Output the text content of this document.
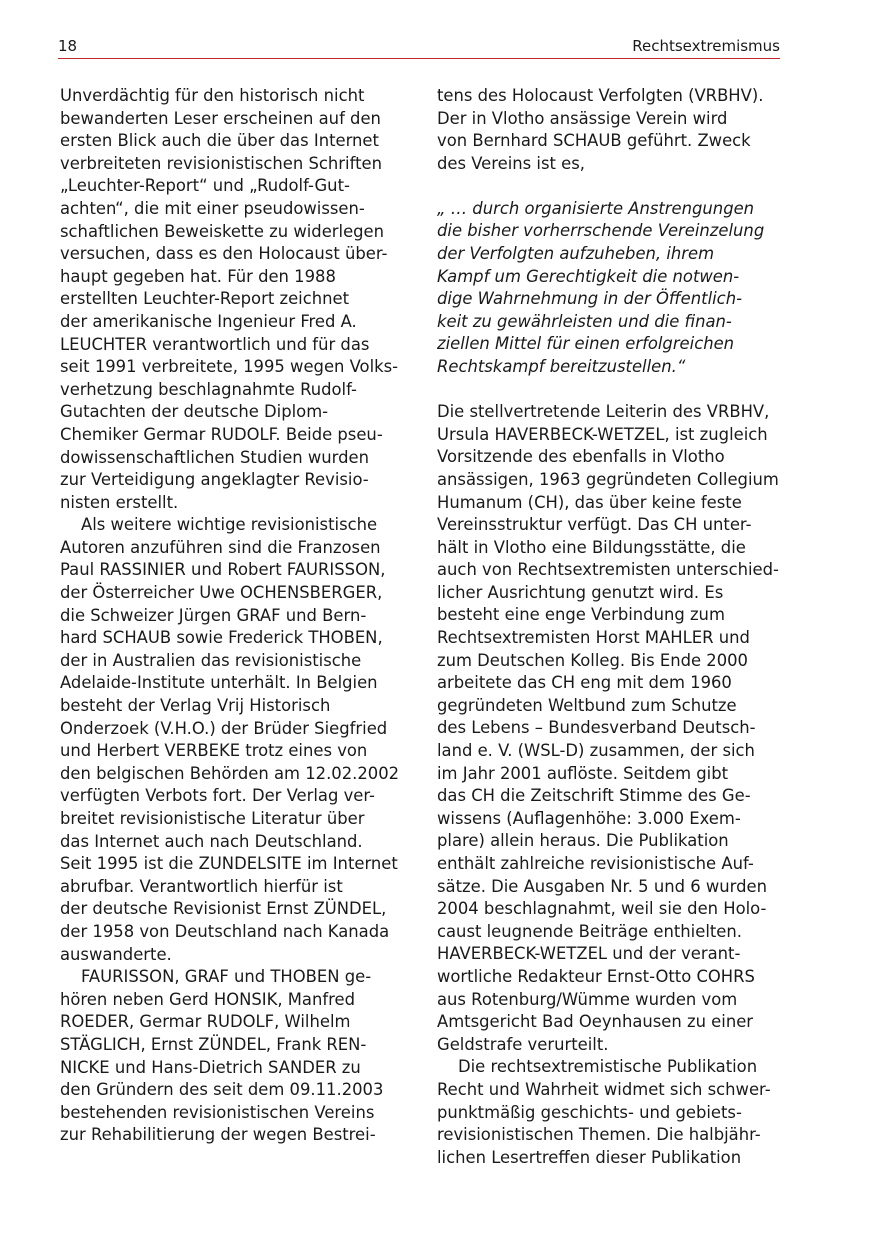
18	Rechtsextremismus
Unverdächtig für den historisch nicht
bewanderten Leser erscheinen auf den
ersten Blick auch die über das Internet
verbreiteten revisionistischen Schriften
„Leuchter-Report“ und „Rudolf-Gut-
achten“, die mit einer pseudowissen-
schaftlichen Beweiskette zu widerlegen
versuchen, dass es den Holocaust über-
haupt gegeben hat. Für den 1988
erstellten Leuchter-Report zeichnet
der amerikanische Ingenieur Fred A.
LEUCHTER verantwortlich und für das
seit 1991 verbreitete, 1995 wegen Volks-
verhetzung beschlagnahmte Rudolf-
Gutachten der deutsche Diplom-
Chemiker Germar RUDOLF. Beide pseu-
dowissenschaftlichen Studien wurden
zur Verteidigung angeklagter Revisio-
nisten erstellt.
Als weitere wichtige revisionistische
Autoren anzuführen sind die Franzosen
Paul RASSINIER und Robert FAURISSON,
der Österreicher Uwe OCHENSBERGER,
die Schweizer Jürgen GRAF und Bern-
hard SCHAUB sowie Frederick THOBEN,
der in Australien das revisionistische
Adelaide-Institute unterhält. In Belgien
besteht der Verlag Vrij Historisch
Onderzoek (V.H.O.) der Brüder Siegfried
und Herbert VERBEKE trotz eines von
den belgischen Behörden am 12.02.2002
verfügten Verbots fort. Der Verlag ver-
breitet revisionistische Literatur über
das Internet auch nach Deutschland.
Seit 1995 ist die ZUNDELSITE im Internet
abrufbar. Verantwortlich hierfür ist
der deutsche Revisionist Ernst ZÜNDEL,
der 1958 von Deutschland nach Kanada
auswanderte.
FAURISSON, GRAF und THOBEN ge-
hören neben Gerd HONSIK, Manfred
ROEDER, Germar RUDOLF, Wilhelm
STÄGLICH, Ernst ZÜNDEL, Frank REN-
NICKE und Hans-Dietrich SANDER zu
den Gründern des seit dem 09.11.2003
bestehenden revisionistischen Vereins
zur Rehabilitierung der wegen Bestrei-
tens des Holocaust Verfolgten (VRBHV).
Der in Vlotho ansässige Verein wird
von Bernhard SCHAUB geführt. Zweck
des Vereins ist es,
„ … durch organisierte Anstrengungen
die bisher vorherrschende Vereinzelung
der Verfolgten aufzuheben, ihrem
Kampf um Gerechtigkeit die notwen-
dige Wahrnehmung in der Öffentlich-
keit zu gewährleisten und die finan-
ziellen Mittel für einen erfolgreichen
Rechtskampf bereitzustellen.“
Die stellvertretende Leiterin des VRBHV,
Ursula HAVERBECK-WETZEL, ist zugleich
Vorsitzende des ebenfalls in Vlotho
ansässigen, 1963 gegründeten Collegium
Humanum (CH), das über keine feste
Vereinsstruktur verfügt. Das CH unter-
hält in Vlotho eine Bildungsstätte, die
auch von Rechtsextremisten unterschied-
licher Ausrichtung genutzt wird. Es
besteht eine enge Verbindung zum
Rechtsextremisten Horst MAHLER und
zum Deutschen Kolleg. Bis Ende 2000
arbeitete das CH eng mit dem 1960
gegründeten Weltbund zum Schutze
des Lebens – Bundesverband Deutsch-
land e. V. (WSL-D) zusammen, der sich
im Jahr 2001 auflöste. Seitdem gibt
das CH die Zeitschrift Stimme des Ge-
wissens (Auflagenhöhe: 3.000 Exem-
plare) allein heraus. Die Publikation
enthält zahlreiche revisionistische Auf-
sätze. Die Ausgaben Nr. 5 und 6 wurden
2004 beschlagnahmt, weil sie den Holo-
caust leugnende Beiträge enthielten.
HAVERBECK-WETZEL und der verant-
wortliche Redakteur Ernst-Otto COHRS
aus Rotenburg/Wümme wurden vom
Amtsgericht Bad Oeynhausen zu einer
Geldstrafe verurteilt.
Die rechtsextremistische Publikation
Recht und Wahrheit widmet sich schwer-
punktmäßig geschichts- und gebiets-
revisionistischen Themen. Die halbjähr-
lichen Lesertreffen dieser Publikation
